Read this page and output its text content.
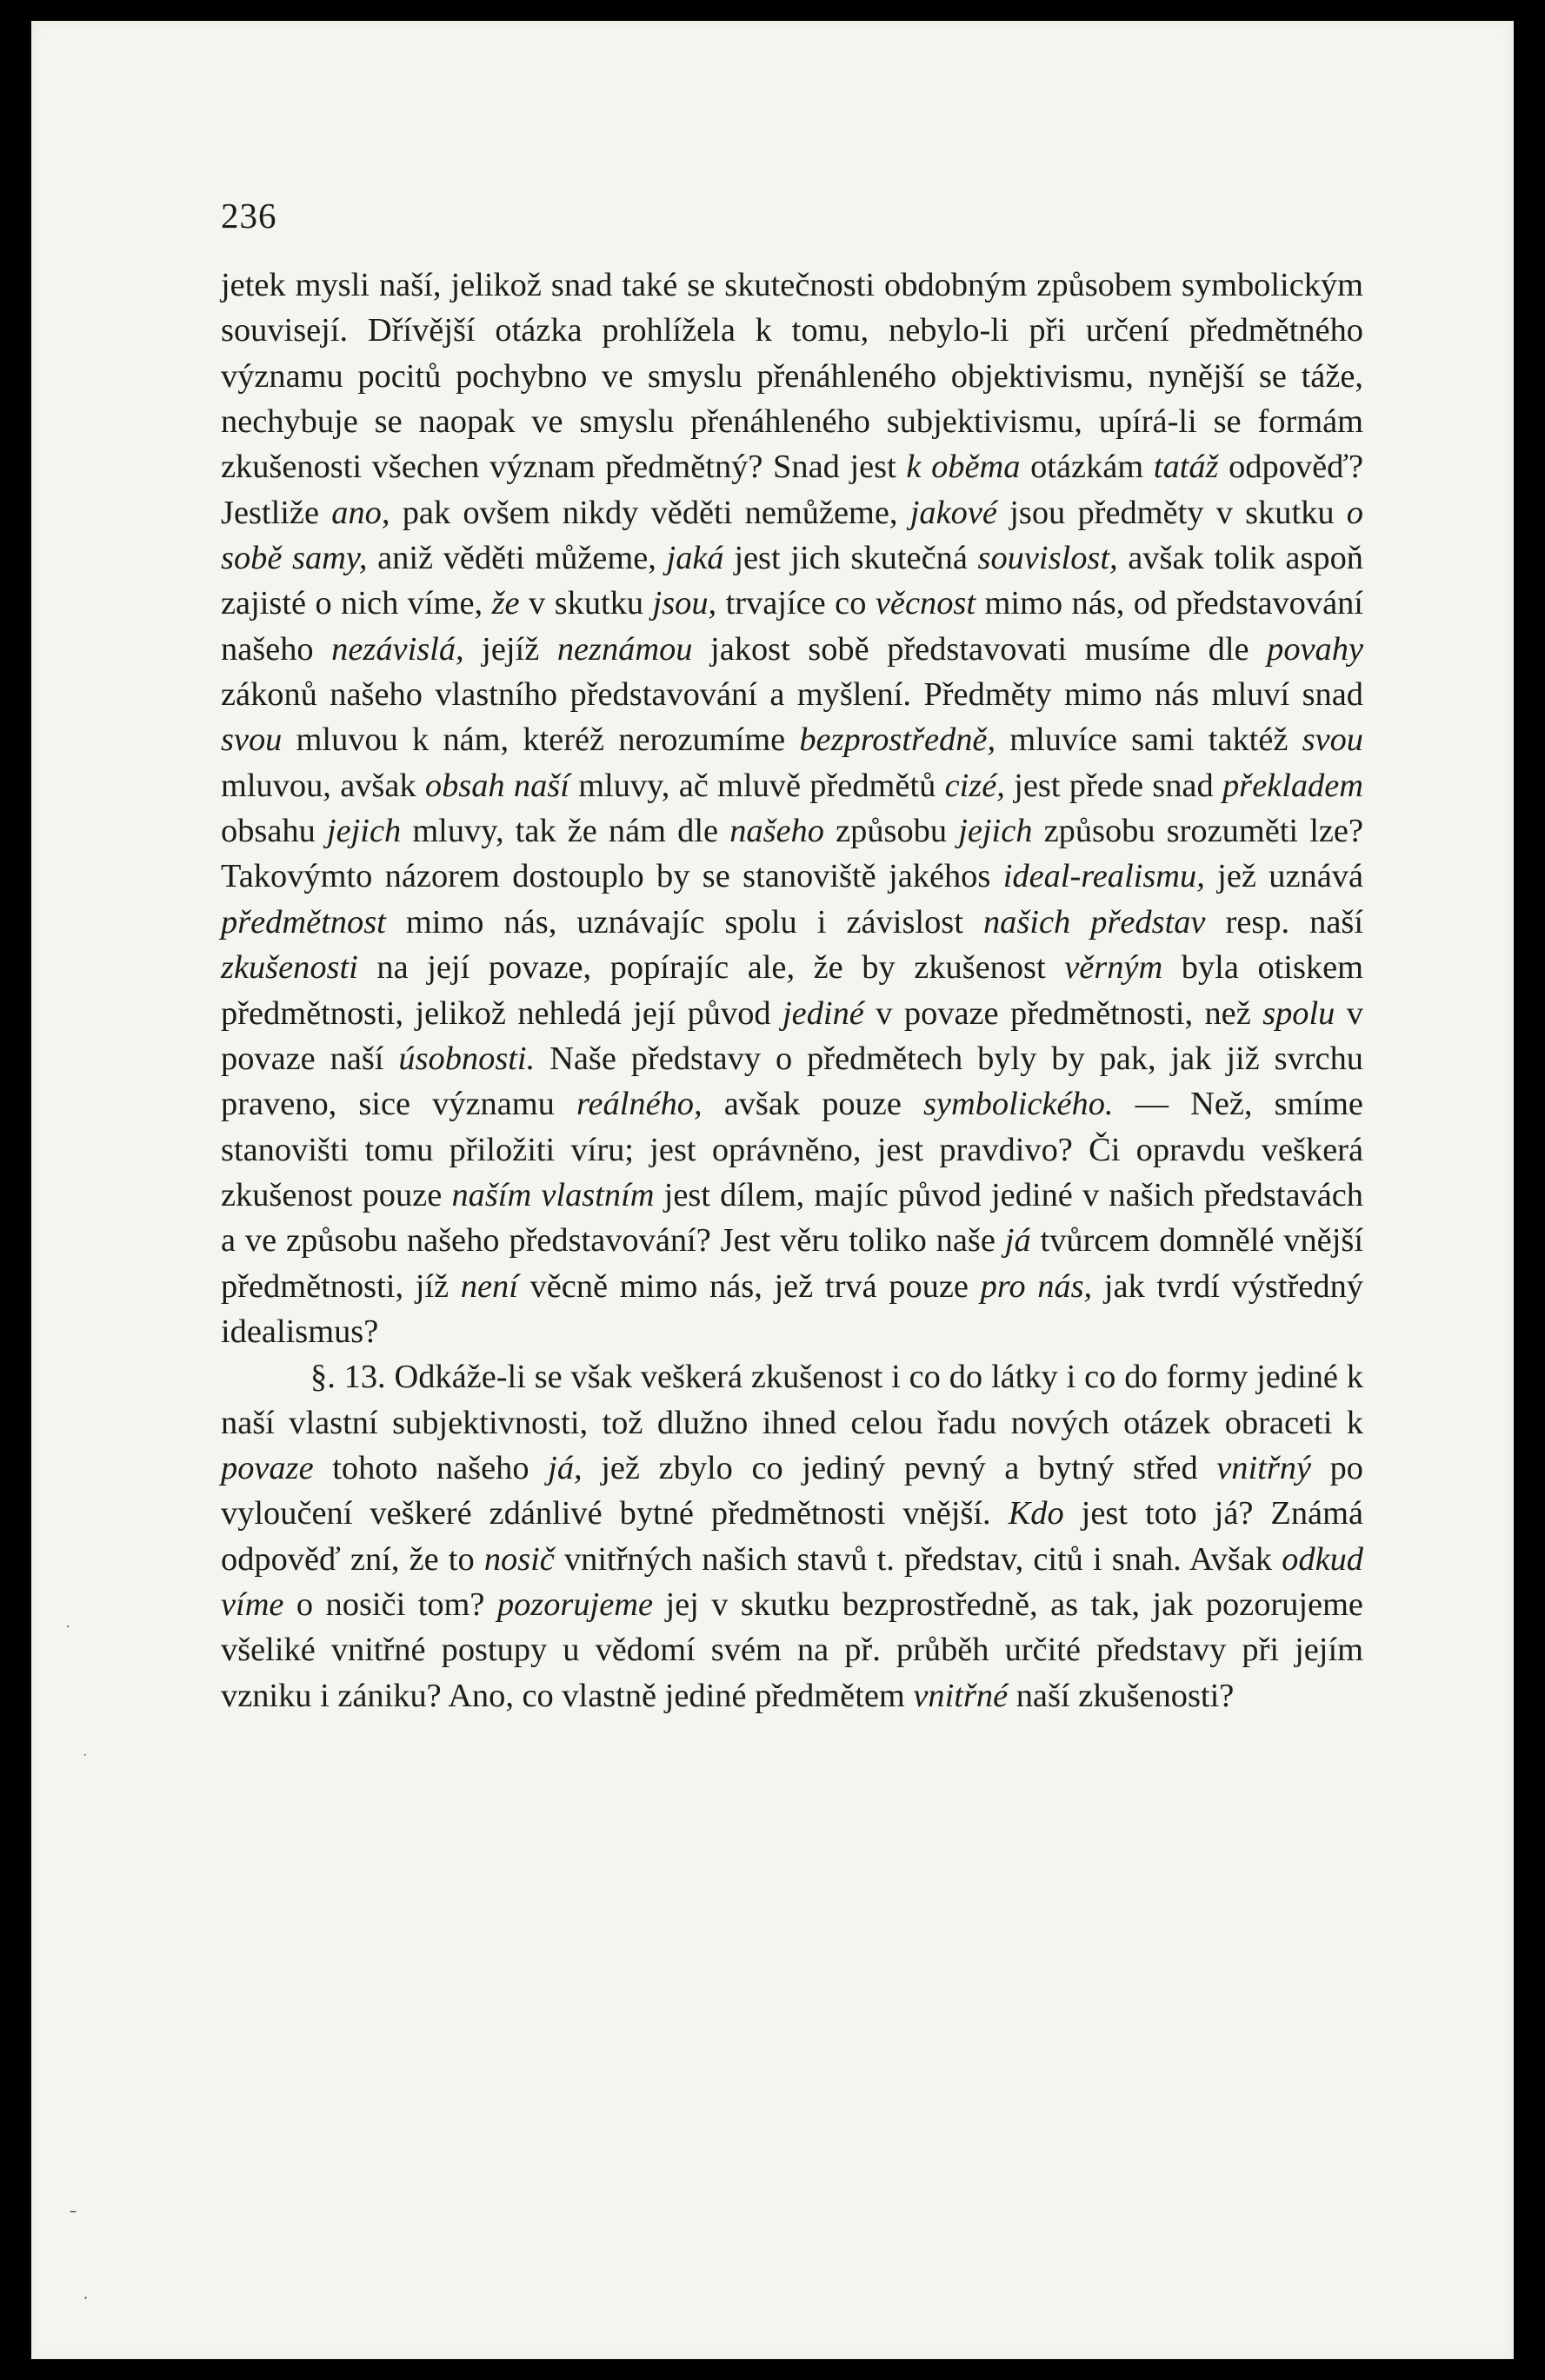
236

jetek mysli naší, jelikož snad také se skutečnosti obdobným způsobem symbolickým souvisejí. Dřívější otázka prohlížela k tomu, nebylo-li při určení předmětného významu pocitů pochybno ve smyslu přenáhleného objektivismu, nynější se táže, nechybuje se naopak ve smyslu přenáhleného subjektivismu, upírá-li se formám zkušenosti všechen význam předmětný? Snad jest k oběma otázkám tatáž odpověď? Jestliže ano, pak ovšem nikdy věděti nemůžeme, jakové jsou předměty v skutku o sobě samy, aniž věděti můžeme, jaká jest jich skutečná souvislost, avšak tolik aspoň zajisté o nich víme, že v skutku jsou, trvajíce co věcnost mimo nás, od představování našeho nezávislá, jejíž neznámou jakost sobě představovati musíme dle povahy zákonů našeho vlastního představování a myšlení. Předměty mimo nás mluví snad svou mluvou k nám, kteréž nerozumíme bezprostředně, mluvíce sami taktéž svou mluvou, avšak obsah naší mluvy, ač mluvě předmětů cizé, jest přede snad překladem obsahu jejich mluvy, tak že nám dle našeho způsobu jejich způsobu srozuměti lze? Takovýmto názorem dostouplo by se stanoviště jakéhos ideal-realismu, jež uznává předmětnost mimo nás, uznávajíc spolu i závislost našich představ resp. naší zkušenosti na její povaze, popírajíc ale, že by zkušenost věrným byla otiskem předmětnosti, jelikož nehledá její původ jediné v povaze předmětnosti, než spolu v povaze naší úsobnosti. Naše představy o předmětech byly by pak, jak již svrchu praveno, sice významu reálného, avšak pouze symbolického. — Než, smíme stanovišti tomu přiložiti víru; jest oprávněno, jest pravdivo? Či opravdu veškerá zkušenost pouze naším vlastním jest dílem, majíc původ jediné v našich představách a ve způsobu našeho představování? Jest věru toliko naše já tvůrcem domnělé vnější předmětnosti, jíž není věcně mimo nás, jež trvá pouze pro nás, jak tvrdí výstředný idealismus?

§. 13. Odkáže-li se však veškerá zkušenost i co do látky i co do formy jediné k naší vlastní subjektivnosti, tož dlužno ihned celou řadu nových otázek obraceti k povaze tohoto našeho já, jež zbylo co jediný pevný a bytný střed vnitřný po vyloučení veškeré zdánlivé bytné předmětnosti vnější. Kdo jest toto já? Známá odpověď zní, že to nosič vnitřných našich stavů t. představ, citů i snah. Avšak odkud víme o nosiči tom? pozorujeme jej v skutku bezprostředně, as tak, jak pozorujeme všeliké vnitřné postupy u vědomí svém na př. průběh určité představy při jejím vzniku i zániku? Ano, co vlastně jediné předmětem vnitřné naší zkušenosti?

·
·
–
·
